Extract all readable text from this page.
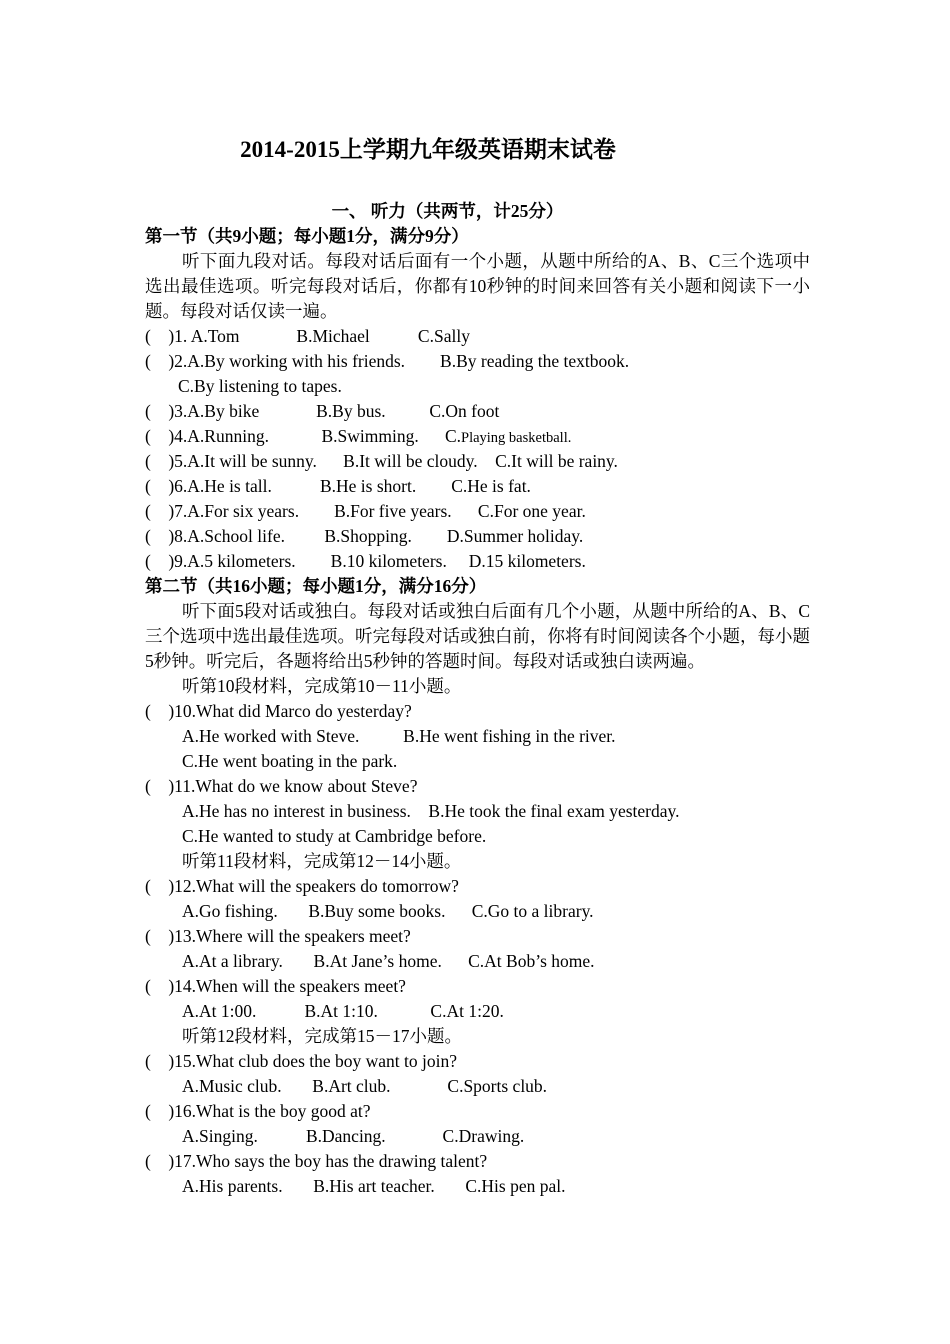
2014-2015上学期九年级英语期末试卷
一、 听力（共两节，计25分）
第一节（共9小题；每小题1分，满分9分）
听下面九段对话。每段对话后面有一个小题，从题中所给的A、B、C三个选项中选出最佳选项。听完每段对话后，你都有10秒钟的时间来回答有关小题和阅读下一小题。每段对话仅读一遍。
(    )1. A.Tom             B.Michael           C.Sally
(    )2.A.By working with his friends.        B.By reading the textbook.
C.By listening to tapes.
(    )3.A.By bike             B.By bus.          C.On foot
(    )4.A.Running.            B.Swimming.      C.Playing basketball.
(    )5.A.It will be sunny.      B.It will be cloudy.    C.It will be rainy.
(    )6.A.He is tall.           B.He is short.        C.He is fat.
(    )7.A.For six years.        B.For five years.      C.For one year.
(    )8.A.School life.         B.Shopping.        D.Summer holiday.
(    )9.A.5 kilometers.        B.10 kilometers.     D.15 kilometers.
第二节（共16小题；每小题1分，满分16分）
听下面5段对话或独白。每段对话或独白后面有几个小题，从题中所给的A、B、C三个选项中选出最佳选项。听完每段对话或独白前，你将有时间阅读各个小题，每小题5秒钟。听完后，各题将给出5秒钟的答题时间。每段对话或独白读两遍。
听第10段材料，完成第10－11小题。
(    )10.What did Marco do yesterday?
A.He worked with Steve.          B.He went fishing in the river.
C.He went boating in the park.
(    )11.What do we know about Steve?
A.He has no interest in business.    B.He took the final exam yesterday.
C.He wanted to study at Cambridge before.
听第11段材料，完成第12－14小题。
(    )12.What will the speakers do tomorrow?
A.Go fishing.       B.Buy some books.      C.Go to a library.
(    )13.Where will the speakers meet?
A.At a library.       B.At Jane’s home.      C.At Bob’s home.
(    )14.When will the speakers meet?
A.At 1:00.           B.At 1:10.            C.At 1:20.
听第12段材料，完成第15－17小题。
(    )15.What club does the boy want to join?
A.Music club.       B.Art club.             C.Sports club.
(    )16.What is the boy good at?
A.Singing.           B.Dancing.             C.Drawing.
(    )17.Who says the boy has the drawing talent?
A.His parents.       B.His art teacher.       C.His pen pal.
